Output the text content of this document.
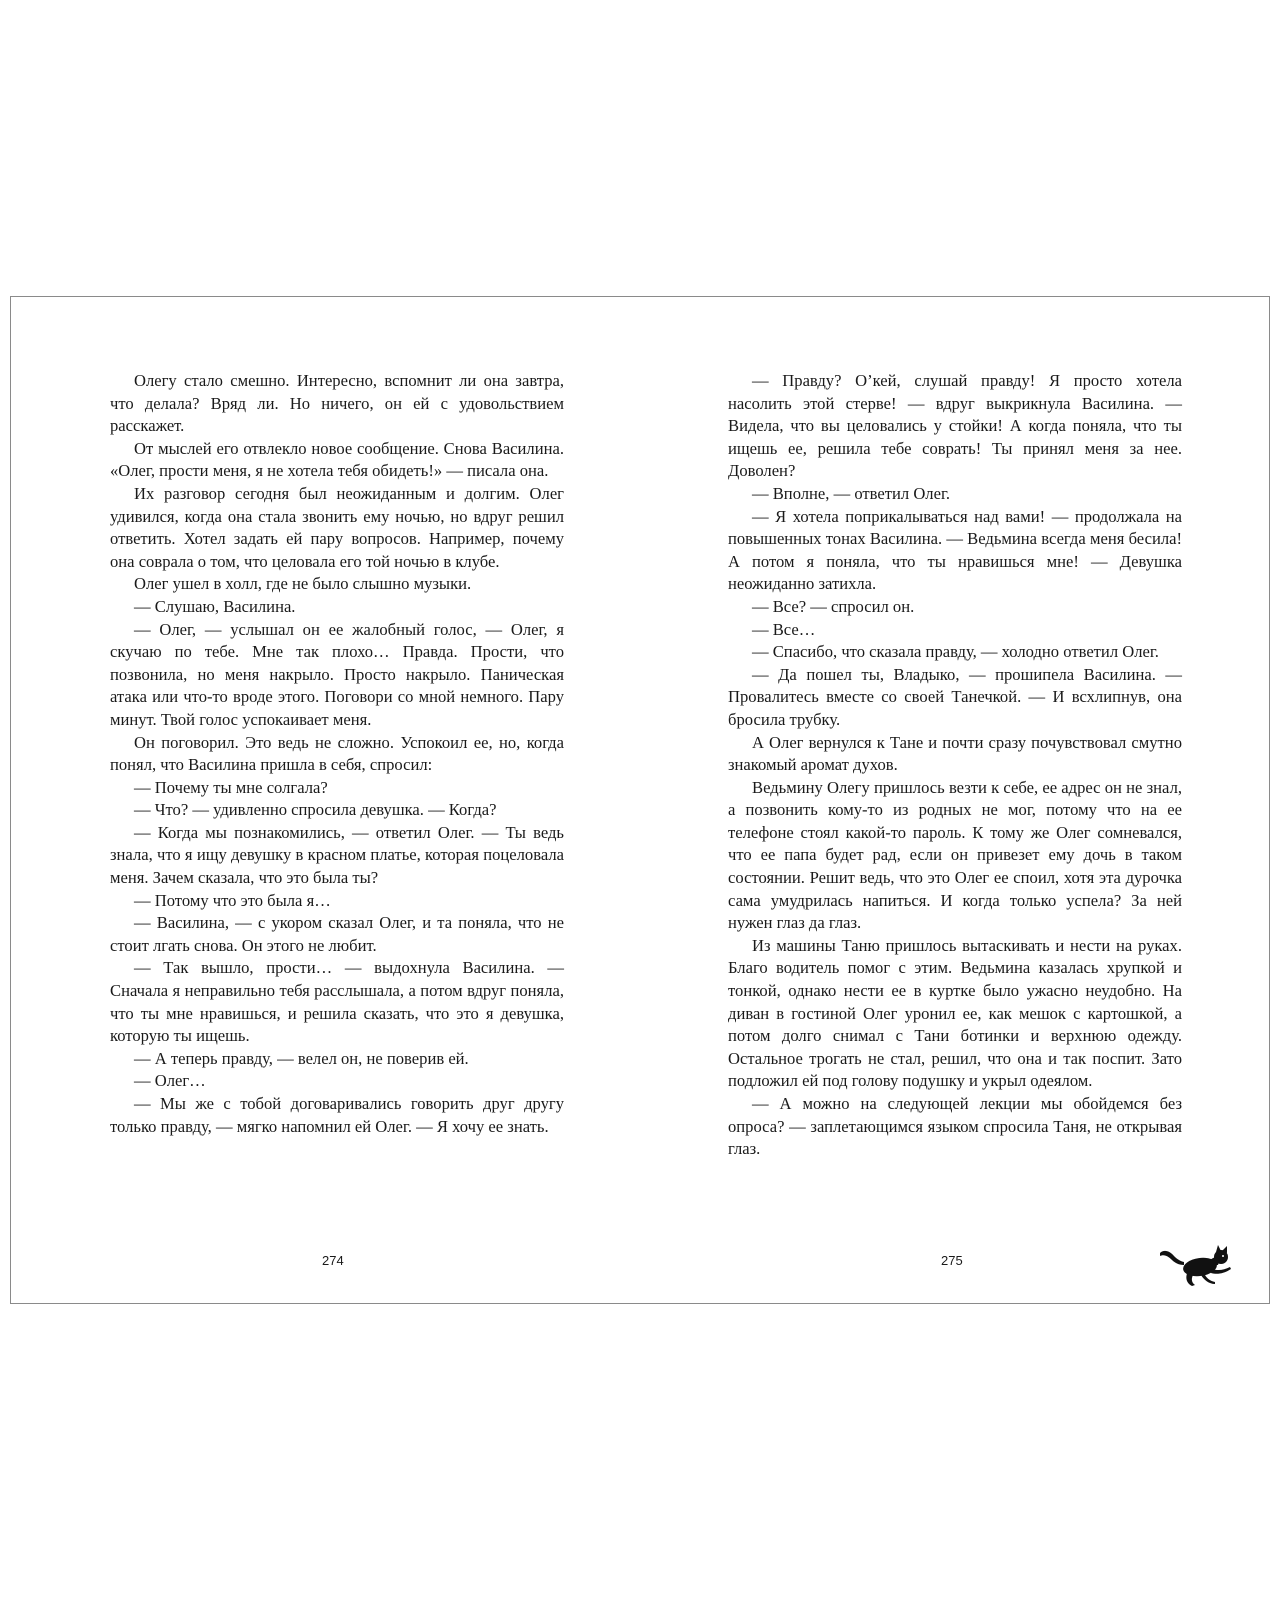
Олегу стало смешно. Интересно, вспомнит ли она завтра, что делала? Вряд ли. Но ничего, он ей с удовольствием расскажет.

От мыслей его отвлекло новое сообщение. Снова Василина. «Олег, прости меня, я не хотела тебя обидеть!» — писала она.

Их разговор сегодня был неожиданным и долгим. Олег удивился, когда она стала звонить ему ночью, но вдруг решил ответить. Хотел задать ей пару вопросов. Например, почему она соврала о том, что целовала его той ночью в клубе.

Олег ушел в холл, где не было слышно музыки.

— Слушаю, Василина.

— Олег, — услышал он ее жалобный голос, — Олег, я скучаю по тебе. Мне так плохо… Правда. Прости, что позвонила, но меня накрыло. Просто накрыло. Паническая атака или что-то вроде этого. Поговори со мной немного. Пару минут. Твой голос успокаивает меня.

Он поговорил. Это ведь не сложно. Успокоил ее, но, когда понял, что Василина пришла в себя, спросил:

— Почему ты мне солгала?

— Что? — удивленно спросила девушка. — Когда?

— Когда мы познакомились, — ответил Олег. — Ты ведь знала, что я ищу девушку в красном платье, которая поцеловала меня. Зачем сказала, что это была ты?

— Потому что это была я…

— Василина, — с укором сказал Олег, и та поняла, что не стоит лгать снова. Он этого не любит.

— Так вышло, прости… — выдохнула Василина. — Сначала я неправильно тебя расслышала, а потом вдруг поняла, что ты мне нравишься, и решила сказать, что это я девушка, которую ты ищешь.

— А теперь правду, — велел он, не поверив ей.

— Олег…

— Мы же с тобой договаривались говорить друг другу только правду, — мягко напомнил ей Олег. — Я хочу ее знать.

— Правду? О’кей, слушай правду! Я просто хотела насолить этой стерве! — вдруг выкрикнула Василина. — Видела, что вы целовались у стойки! А когда поняла, что ты ищешь ее, решила тебе соврать! Ты принял меня за нее. Доволен?

— Вполне, — ответил Олег.

— Я хотела поприкалываться над вами! — продолжала на повышенных тонах Василина. — Ведьмина всегда меня бесила! А потом я поняла, что ты нравишься мне! — Девушка неожиданно затихла.

— Все? — спросил он.

— Все…

— Спасибо, что сказала правду, — холодно ответил Олег.

— Да пошел ты, Владыко, — прошипела Василина. — Провалитесь вместе со своей Танечкой. — И всхлипнув, она бросила трубку.

А Олег вернулся к Тане и почти сразу почувствовал смутно знакомый аромат духов.

Ведьмину Олегу пришлось везти к себе, ее адрес он не знал, а позвонить кому-то из родных не мог, потому что на ее телефоне стоял какой-то пароль. К тому же Олег сомневался, что ее папа будет рад, если он привезет ему дочь в таком состоянии. Решит ведь, что это Олег ее споил, хотя эта дурочка сама умудрилась напиться. И когда только успела? За ней нужен глаз да глаз.

Из машины Таню пришлось вытаскивать и нести на руках. Благо водитель помог с этим. Ведьмина казалась хрупкой и тонкой, однако нести ее в куртке было ужасно неудобно. На диван в гостиной Олег уронил ее, как мешок с картошкой, а потом долго снимал с Тани ботинки и верхнюю одежду. Остальное трогать не стал, решил, что она и так поспит. Зато подложил ей под голову подушку и укрыл одеялом.

— А можно на следующей лекции мы обойдемся без опроса? — заплетающимся языком спросила Таня, не открывая глаз.

274	275
